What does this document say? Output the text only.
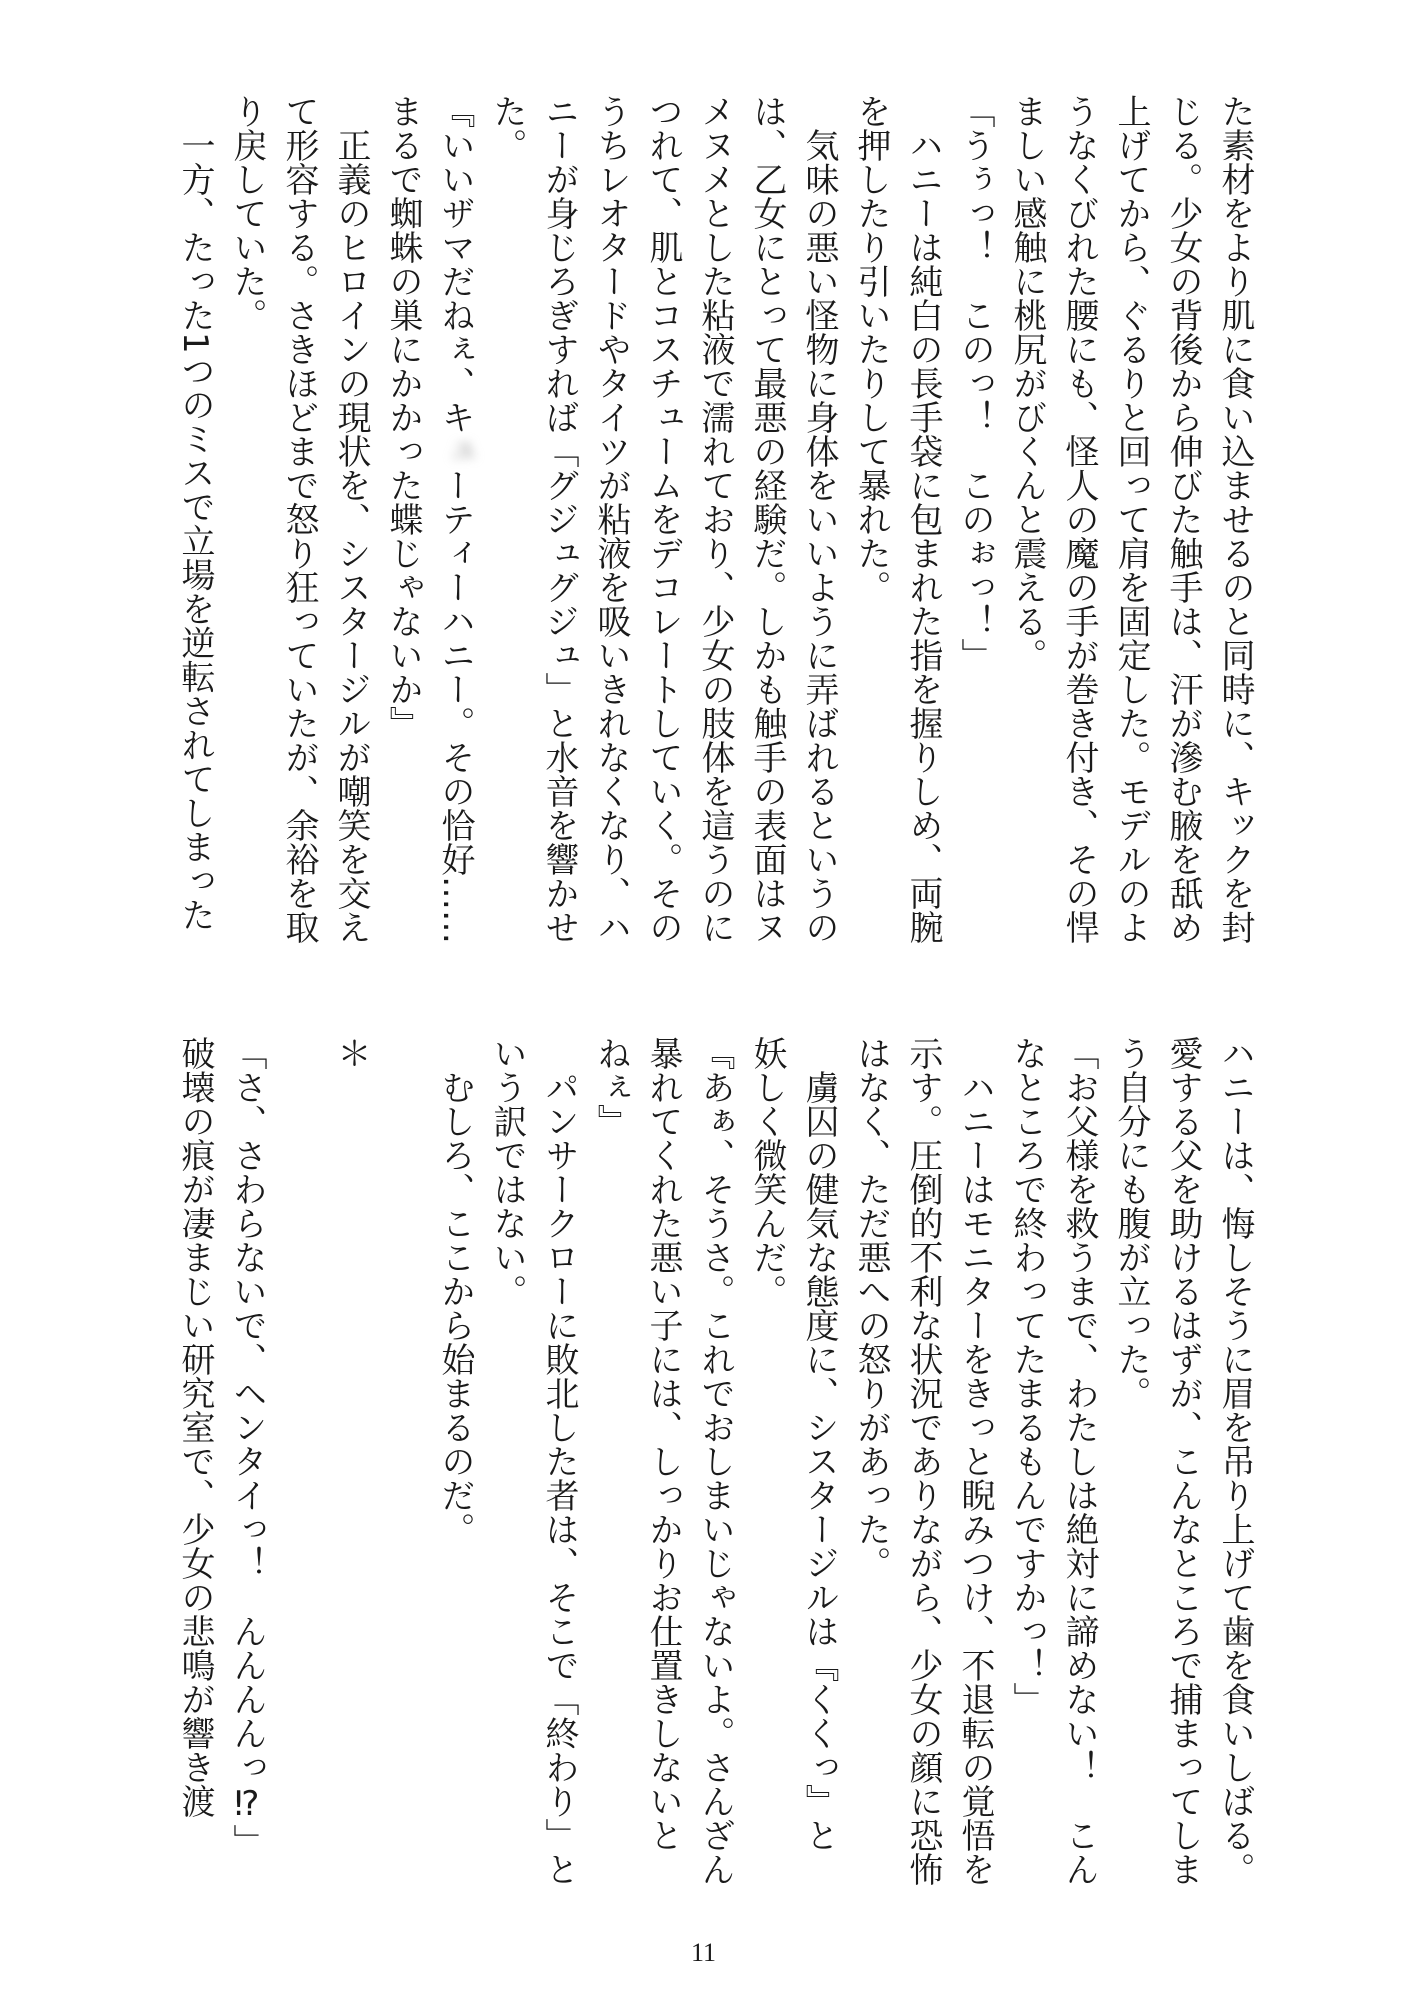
た素材をより肌に食い込ませるのと同時に、キックを封
じる。少女の背後から伸びた触手は、汗が滲む腋を舐め
上げてから、ぐるりと回って肩を固定した。モデルのよ
うなくびれた腰にも、怪人の魔の手が巻き付き、その悍
ましい感触に桃尻がびくんと震える。
「うぅっ！　このっ！　このぉっ！」
　ハニーは純白の長手袋に包まれた指を握りしめ、両腕
を押したり引いたりして暴れた。
　気味の悪い怪物に身体をいいように弄ばれるというの
は、乙女にとって最悪の経験だ。しかも触手の表面はヌ
メヌメとした粘液で濡れており、少女の肢体を這うのに
つれて、肌とコスチュームをデコレートしていく。その
うちレオタードやタイツが粘液を吸いきれなくなり、ハ
ニーが身じろぎすれば「グジュグジュ」と水音を響かせ
た。
『いいザマだねぇ、キューティーハニー。その恰好……
まるで蜘蛛の巣にかかった蝶じゃないか』
　正義のヒロインの現状を、シスタージルが嘲笑を交え
て形容する。さきほどまで怒り狂っていたが、余裕を取
り戻していた。
　一方、たった1つのミスで立場を逆転されてしまった
ハニーは、悔しそうに眉を吊り上げて歯を食いしばる。
愛する父を助けるはずが、こんなところで捕まってしま
う自分にも腹が立った。
「お父様を救うまで、わたしは絶対に諦めない！　こん
なところで終わってたまるもんですかっ！」
　ハニーはモニターをきっと睨みつけ、不退転の覚悟を
示す。圧倒的不利な状況でありながら、少女の顔に恐怖
はなく、ただ悪への怒りがあった。
　虜囚の健気な態度に、シスタージルは『くくっ』と
妖しく微笑んだ。
『あぁ、そうさ。これでおしまいじゃないよ。さんざん
暴れてくれた悪い子には、しっかりお仕置きしないと
ねぇ』
　パンサークローに敗北した者は、そこで「終わり」と
いう訳ではない。
　むしろ、ここから始まるのだ。

＊

「さ、さわらないで、ヘンタイっ！　んんんんっ⁉」
破壊の痕が凄まじい研究室で、少女の悲鳴が響き渡
11
